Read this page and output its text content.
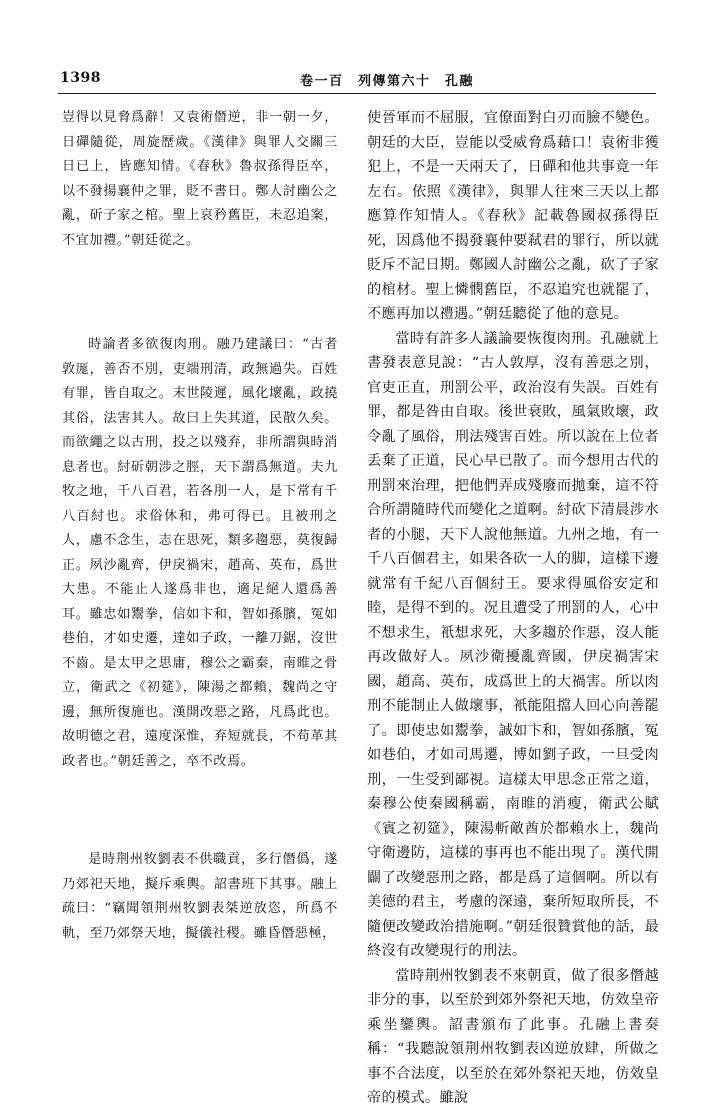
1398	卷一百　列傳第六十　孔融

豈得以見脅爲辭！又袁術僭逆，非一朝一夕，日磾隨從，周旋歷歲。《漢律》與罪人交關三日已上，皆應知情。《春秋》魯叔孫得臣卒，以不發揚襄仲之罪，貶不書日。鄭人討幽公之亂，斫子家之棺。聖上哀矜舊臣，未忍追案，不宜加禮。”朝廷從之。

時論者多欲復肉刑。融乃建議曰：“古者敦厖，善否不別，吏端刑清，政無過失。百姓有罪，皆自取之。末世陵遲，風化壞亂，政撓其俗，法害其人。故曰上失其道，民散久矣。而欲繩之以古刑，投之以殘弃，非所謂與時消息者也。紂斫朝涉之脛，天下謂爲無道。夫九牧之地，千八百君，若各刖一人，是下常有千八百紂也。求俗休和，弗可得已。且被刑之人，慮不念生，志在思死，類多趨惡，莫復歸正。夙沙亂齊，伊戾禍宋，趙高、英布，爲世大患。不能止人遂爲非也，適足絕人還爲善耳。雖忠如鬻拳，信如卞和，智如孫臏，冤如巷伯，才如史遷，達如子政，一離刀鋸，沒世不齒。是太甲之思庸，穆公之霸秦，南睢之骨立，衛武之《初筵》，陳湯之都賴，魏尚之守邊，無所復施也。漢開改惡之路，凡爲此也。故明德之君，遠度深惟，弃短就長，不苟革其政者也。”朝廷善之，卒不改焉。

是時荆州牧劉表不供職貢，多行僭僞，遂乃郊祀天地，擬斥乘輿。詔書班下其事。融上疏曰：“竊聞領荆州牧劉表桀逆放恣，所爲不軌，至乃郊祭天地，擬儀社稷。雖昏僭惡極，

使晉軍而不屈服，宜僚面對白刃而臉不變色。朝廷的大臣，豈能以受威脅爲藉口！袁術非獲犯上，不是一天兩天了，日磾和他共事竟一年左右。依照《漢律》，與罪人往來三天以上都應算作知情人。《春秋》記載魯國叔孫得臣死，因爲他不揭發襄仲要弒君的罪行，所以就貶斥不記日期。鄭國人討幽公之亂，砍了子家的棺材。聖上憐憫舊臣，不忍追究也就罷了，不應再加以禮遇。”朝廷聽從了他的意見。

當時有許多人議論要恢復肉刑。孔融就上書發表意見說：“古人敦厚，沒有善惡之別，官吏正直，刑罰公平，政治沒有失誤。百姓有罪，都是咎由自取。後世衰敗，風氣敗壞，政令亂了風俗，刑法殘害百姓。所以說在上位者丢棄了正道，民心早已散了。而今想用古代的刑罰來治理，把他們弄成殘廢而拋棄，這不符合所謂隨時代而變化之道啊。紂砍下清晨涉水者的小腿，天下人說他無道。九州之地，有一千八百個君主，如果各砍一人的脚，這樣下邊就常有千紀八百個紂王。要求得風俗安定和睦，是得不到的。况且遭受了刑罰的人，心中不想求生，衹想求死，大多趨於作惡，沒人能再改做好人。夙沙衛擾亂齊國，伊戾禍害宋國，趙高、英布，成爲世上的大禍害。所以肉刑不能制止人做壞事，衹能阻擋人回心向善罷了。即使忠如鬻拳，誠如卞和，智如孫臏，冤如巷伯，才如司馬遷，博如劉子政，一旦受肉刑，一生受到鄙視。這樣太甲思念正常之道，秦穆公使秦國稱霸，南睢的消瘦，衛武公賦《賓之初筵》，陳湯斬敵酋於都賴水上，魏尚守衛邊防，這樣的事再也不能出現了。漢代開闢了改變惡刑之路，都是爲了這個啊。所以有美德的君主，考慮的深遠，棄所短取所長，不隨便改變政治措施啊。”朝廷很贊賞他的話，最終沒有改變現行的刑法。

當時荆州牧劉表不來朝貢，做了很多僭越非分的事，以至於到郊外祭祀天地，仿效皇帝乘坐鑾輿。詔書頒布了此事。孔融上書奏稱：“我聽說領荆州牧劉表凶逆放肆，所做之事不合法度，以至於在郊外祭祀天地，仿效皇帝的模式。雖說
